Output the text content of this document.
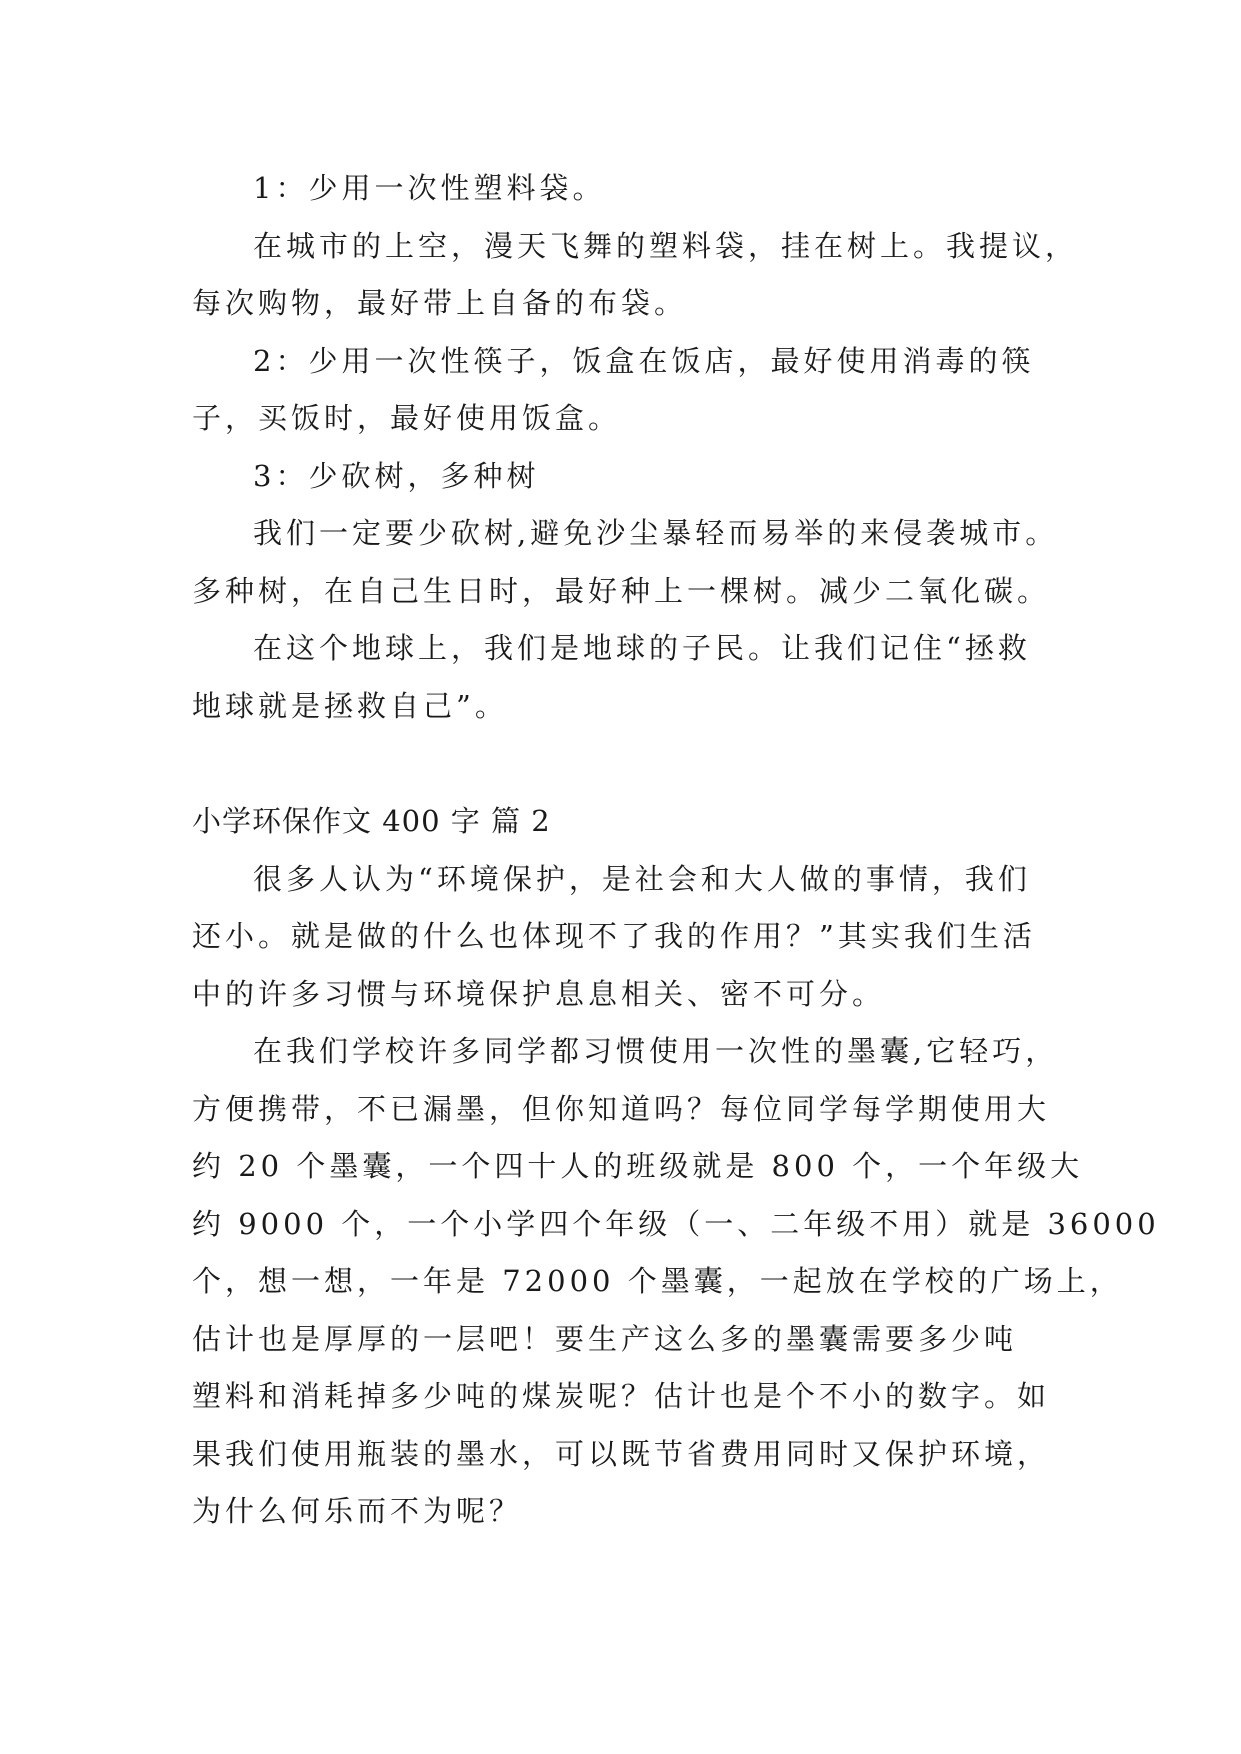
1：少用一次性塑料袋。

在城市的上空，漫天飞舞的塑料袋，挂在树上。我提议，

每次购物，最好带上自备的布袋。

2：少用一次性筷子，饭盒在饭店，最好使用消毒的筷

子，买饭时，最好使用饭盒。

3：少砍树，多种树

我们一定要少砍树,避免沙尘暴轻而易举的来侵袭城市。

多种树，在自己生日时，最好种上一棵树。减少二氧化碳。

在这个地球上，我们是地球的子民。让我们记住“拯救

地球就是拯救自己”。

小学环保作文 400 字 篇 2

很多人认为“环境保护，是社会和大人做的事情，我们

还小。就是做的什么也体现不了我的作用？”其实我们生活

中的许多习惯与环境保护息息相关、密不可分。

在我们学校许多同学都习惯使用一次性的墨囊,它轻巧，

方便携带，不已漏墨，但你知道吗？每位同学每学期使用大

约 20 个墨囊，一个四十人的班级就是 800 个，一个年级大

约 9000 个，一个小学四个年级（一、二年级不用）就是 36000

个，想一想，一年是 72000 个墨囊，一起放在学校的广场上，

估计也是厚厚的一层吧！要生产这么多的墨囊需要多少吨

塑料和消耗掉多少吨的煤炭呢？估计也是个不小的数字。如

果我们使用瓶装的墨水，可以既节省费用同时又保护环境，

为什么何乐而不为呢？
